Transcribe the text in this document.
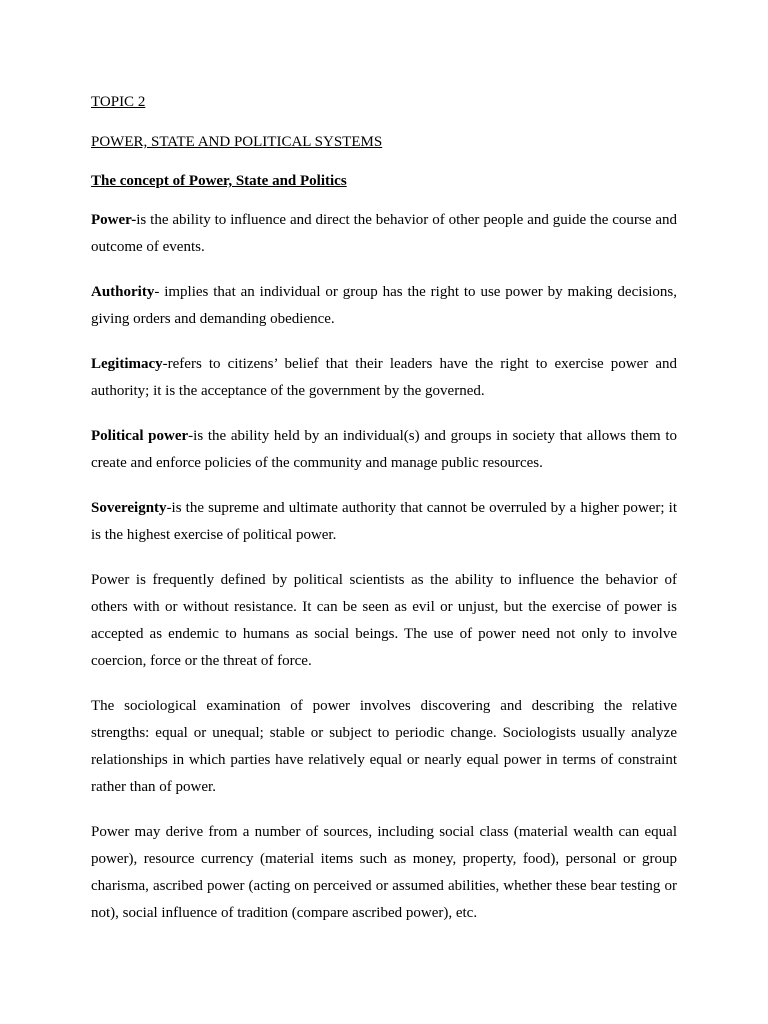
TOPIC 2

POWER, STATE AND POLITICAL SYSTEMS

The concept of Power, State and Politics

Power-is the ability to influence and direct the behavior of other people and guide the course and outcome of events.

Authority- implies that an individual or group has the right to use power by making decisions, giving orders and demanding obedience.

Legitimacy-refers to citizens’ belief that their leaders have the right to exercise power and authority; it is the acceptance of the government by the governed.

Political power-is the ability held by an individual(s) and groups in society that allows them to create and enforce policies of the community and manage public resources.

Sovereignty-is the supreme and ultimate authority that cannot be overruled by a higher power; it is the highest exercise of political power.

Power is frequently defined by political scientists as the ability to influence the behavior of others with or without resistance. It can be seen as evil or unjust, but the exercise of power is accepted as endemic to humans as social beings. The use of power need not only to involve coercion, force or the threat of force.

The sociological examination of power involves discovering and describing the relative strengths: equal or unequal; stable or subject to periodic change. Sociologists usually analyze relationships in which parties have relatively equal or nearly equal power in terms of constraint rather than of power.

Power may derive from a number of sources, including social class (material wealth can equal power), resource currency (material items such as money, property, food), personal or group charisma, ascribed power (acting on perceived or assumed abilities, whether these bear testing or not), social influence of tradition (compare ascribed power), etc.
